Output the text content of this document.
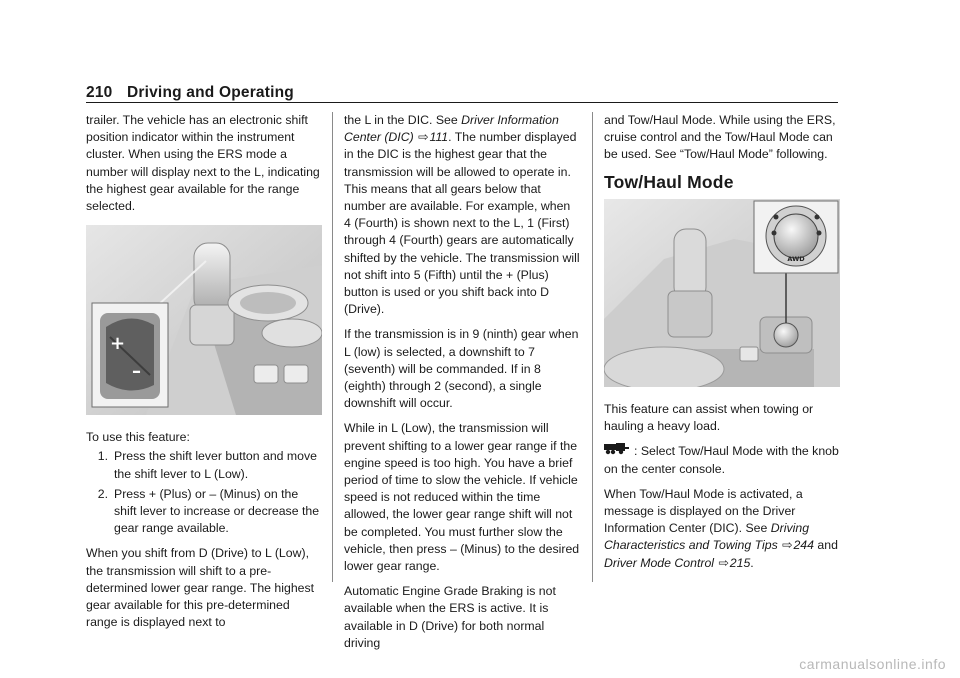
210 Driving and Operating

trailer. The vehicle has an electronic shift position indicator within the instrument cluster. When using the ERS mode a number will display next to the L, indicating the highest gear available for the range selected.

+
–

To use this feature:

1. Press the shift lever button and move the shift lever to L (Low).
2. Press + (Plus) or – (Minus) on the shift lever to increase or decrease the gear range available.

When you shift from D (Drive) to L (Low), the transmission will shift to a pre-determined lower gear range. The highest gear available for this pre-determined range is displayed next to

the L in the DIC. See Driver Information Center (DIC) ⇨111. The number displayed in the DIC is the highest gear that the transmission will be allowed to operate in. This means that all gears below that number are available. For example, when 4 (Fourth) is shown next to the L, 1 (First) through 4 (Fourth) gears are automatically shifted by the vehicle. The transmission will not shift into 5 (Fifth) until the + (Plus) button is used or you shift back into D (Drive).

If the transmission is in 9 (ninth) gear when L (low) is selected, a downshift to 7 (seventh) will be commanded. If in 8 (eighth) through 2 (second), a single downshift will occur.

While in L (Low), the transmission will prevent shifting to a lower gear range if the engine speed is too high. You have a brief period of time to slow the vehicle. If vehicle speed is not reduced within the time allowed, the lower gear range shift will not be completed. You must further slow the vehicle, then press – (Minus) to the desired lower gear range.

Automatic Engine Grade Braking is not available when the ERS is active. It is available in D (Drive) for both normal driving

and Tow/Haul Mode. While using the ERS, cruise control and the Tow/Haul Mode can be used. See “Tow/Haul Mode” following.

Tow/Haul Mode
AWD

This feature can assist when towing or hauling a heavy load.

: Select Tow/Haul Mode with the knob on the center console.

When Tow/Haul Mode is activated, a message is displayed on the Driver Information Center (DIC). See Driving Characteristics and Towing Tips ⇨244 and Driver Mode Control ⇨215.

carmanualsonline.info
